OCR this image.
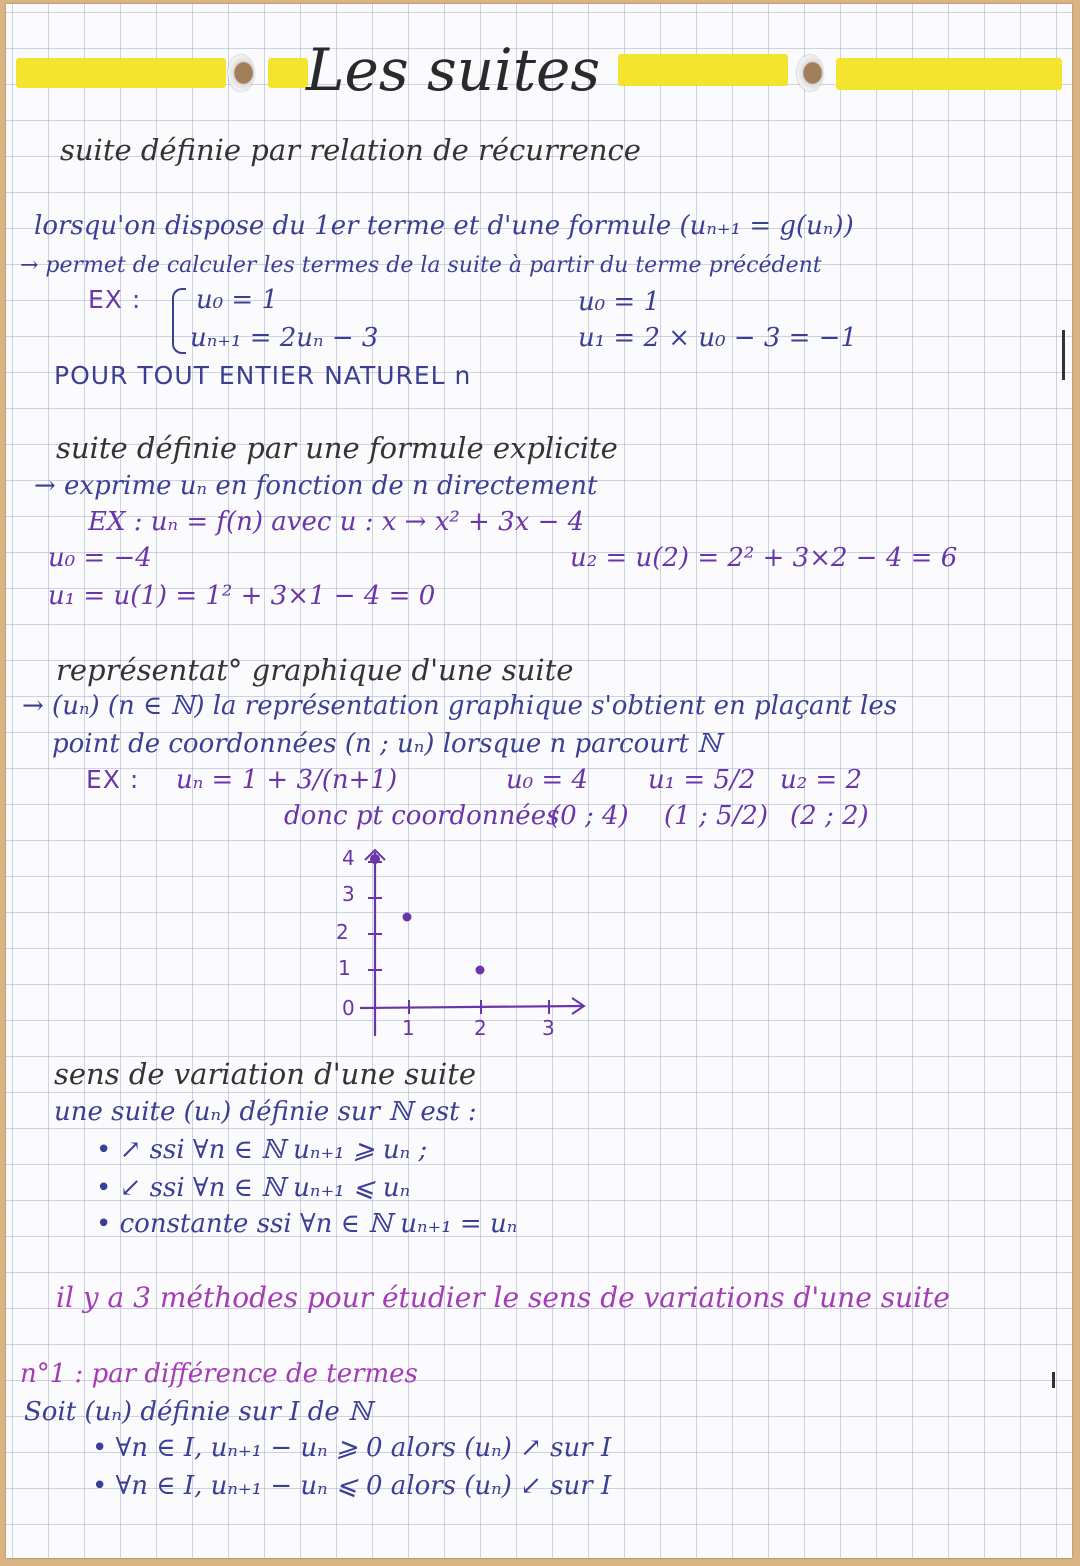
Les suites
suite définie par relation de récurrence
lorsqu'on dispose du 1er terme et d'une formule (uₙ₊₁ = g(uₙ))
→ permet de calculer les termes de la suite à partir du terme précédent
EX : u₀ = 1
uₙ₊₁ = 2uₙ − 3
u₀ = 1
u₁ = 2 × u₀ − 3 = −1
POUR TOUT ENTIER NATUREL n
suite définie par une formule explicite
→ exprime uₙ en fonction de n directement
EX : uₙ = f(n) avec u : x → x² + 3x − 4
u₀ = −4	u₂ = u(2) = 2² + 3×2 − 4 = 6
u₁ = u(1) = 1² + 3×1 − 4 = 0
représentat° graphique d'une suite
→ (uₙ) (n ∈ ℕ) la représentation graphique s'obtient en plaçant les
point de coordonnées (n ; uₙ) lorsque n parcourt ℕ
EX : uₙ = 1 + 3/(n+1)	u₀ = 4 u₁ = 5/2 u₂ = 2
donc pt coordonnées
(0 ; 4) (1 ; 5/2) (2 ; 2)
4
3
2
1
0
1	2	3
sens de variation d'une suite
une suite (uₙ) définie sur ℕ est :
• ↗ ssi ∀n ∈ ℕ uₙ₊₁ ⩾ uₙ ;
• ↙ ssi ∀n ∈ ℕ uₙ₊₁ ⩽ uₙ
• constante ssi ∀n ∈ ℕ uₙ₊₁ = uₙ
il y a 3 méthodes pour étudier le sens de variations d'une suite
n°1 : par différence de termes
Soit (uₙ) définie sur I de ℕ
• ∀n ∈ I, uₙ₊₁ − uₙ ⩾ 0 alors (uₙ) ↗ sur I
• ∀n ∈ I, uₙ₊₁ − uₙ ⩽ 0 alors (uₙ) ↙ sur I
